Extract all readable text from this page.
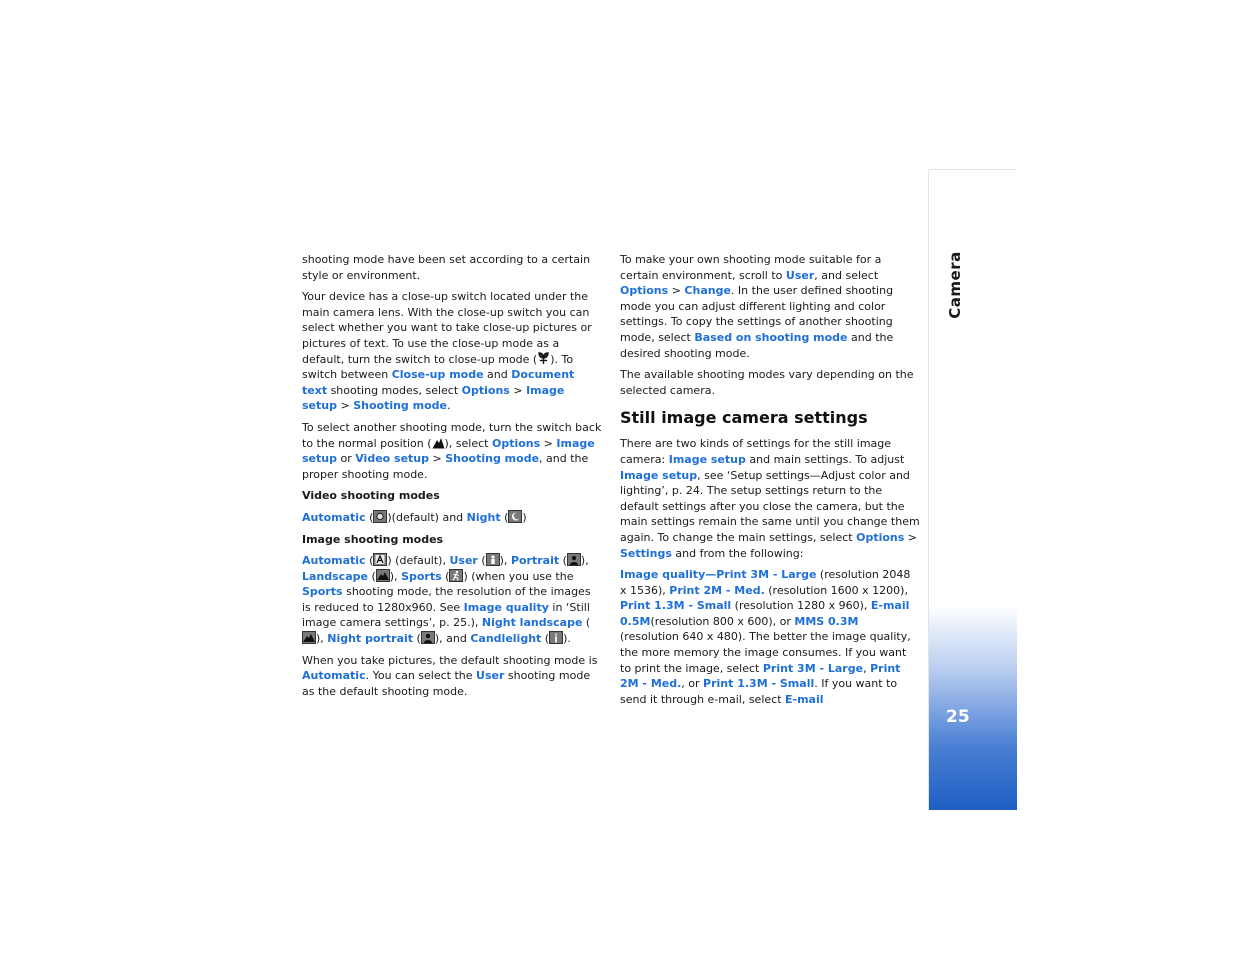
Camera
25

shooting mode have been set according to a certain style or environment.

Your device has a close-up switch located under the main camera lens. With the close-up switch you can select whether you want to take close-up pictures or pictures of text. To use the close-up mode as a default, turn the switch to close-up mode ( ). To switch between Close-up mode and Document text shooting modes, select Options > Image setup > Shooting mode.

To select another shooting mode, turn the switch back to the normal position ( ), select Options > Image setup or Video setup > Shooting mode, and the proper shooting mode.

Video shooting modes

Automatic ( )(default) and Night ( )

Image shooting modes

Automatic ( ) (default), User ( ), Portrait ( ), Landscape ( ), Sports ( ) (when you use the Sports shooting mode, the resolution of the images is reduced to 1280x960. See Image quality in ‘Still image camera settings’, p. 25.), Night landscape (
), Night portrait ( ), and Candlelight ( ).

When you take pictures, the default shooting mode is Automatic. You can select the User shooting mode as the default shooting mode.

To make your own shooting mode suitable for a certain environment, scroll to User, and select Options > Change. In the user defined shooting mode you can adjust different lighting and color settings. To copy the settings of another shooting mode, select Based on shooting mode and the desired shooting mode.

The available shooting modes vary depending on the selected camera.

Still image camera settings

There are two kinds of settings for the still image camera: Image setup and main settings. To adjust Image setup, see ‘Setup settings—Adjust color and lighting’, p. 24. The setup settings return to the default settings after you close the camera, but the main settings remain the same until you change them again. To change the main settings, select Options > Settings and from the following:

Image quality—Print 3M - Large (resolution 2048 x 1536), Print 2M - Med. (resolution 1600 x 1200), Print 1.3M - Small (resolution 1280 x 960), E-mail 0.5M(resolution 800 x 600), or MMS 0.3M (resolution 640 x 480). The better the image quality, the more memory the image consumes. If you want to print the image, select Print 3M - Large, Print 2M - Med., or Print 1.3M - Small. If you want to send it through e-mail, select E-mail
